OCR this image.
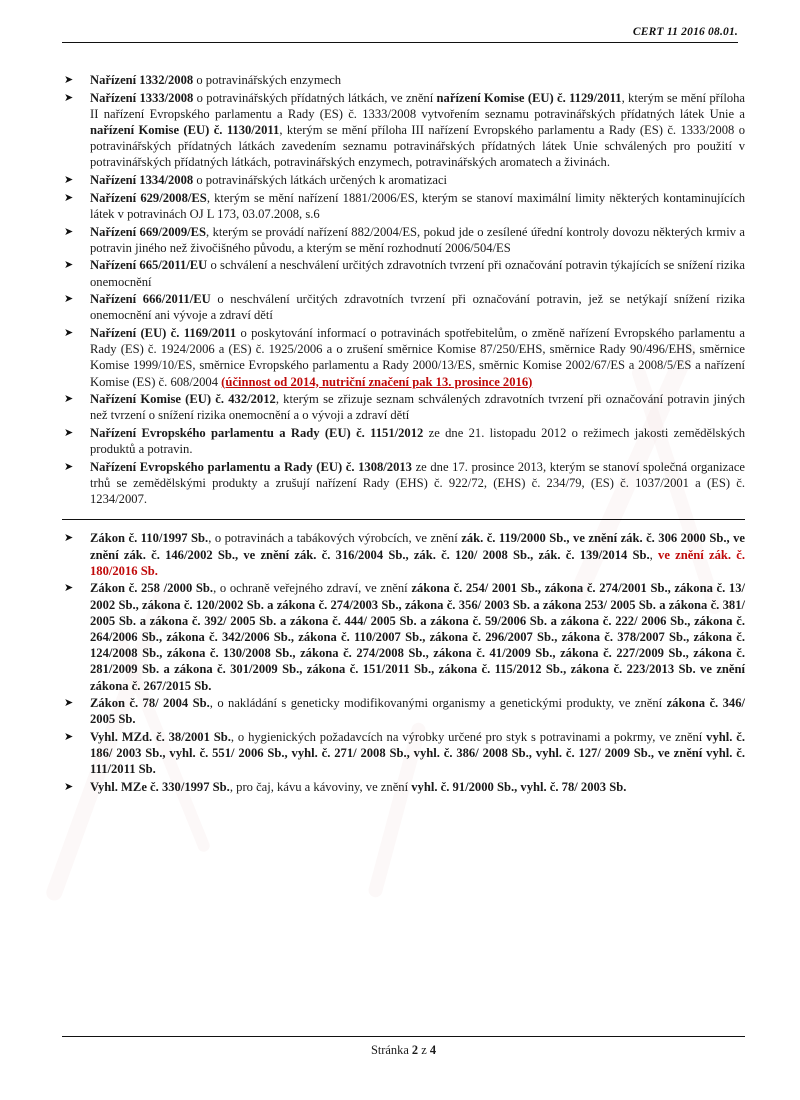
CERT 11 2016 08.01.
➤ Nařízení 1332/2008 o potravinářských enzymech
➤ Nařízení 1333/2008 o potravinářských přídatných látkách, ve znění nařízení Komise (EU) č. 1129/2011, kterým se mění příloha II nařízení Evropského parlamentu a Rady (ES) č. 1333/2008 vytvořením seznamu potravinářských přídatných látek Unie a nařízení Komise (EU) č. 1130/2011, kterým se mění příloha III nařízení Evropského parlamentu a Rady (ES) č. 1333/2008 o potravinářských přídatných látkách zavedením seznamu potravinářských přídatných látek Unie schválených pro použití v potravinářských přídatných látkách, potravinářských enzymech, potravinářských aromatech a živinách.
➤ Nařízení 1334/2008 o potravinářských látkách určených k aromatizaci
➤ Nařízení 629/2008/ES, kterým se mění nařízení 1881/2006/ES, kterým se stanoví maximální limity některých kontaminujících látek v potravinách OJ L 173, 03.07.2008, s.6
➤ Nařízení 669/2009/ES, kterým se provádí nařízení 882/2004/ES, pokud jde o zesílené úřední kontroly dovozu některých krmiv a potravin jiného než živočišného původu, a kterým se mění rozhodnutí 2006/504/ES
➤ Nařízení 665/2011/EU o schválení a neschválení určitých zdravotních tvrzení při označování potravin týkajících se snížení rizika onemocnění
➤ Nařízení 666/2011/EU o neschválení určitých zdravotních tvrzení při označování potravin, jež se netýkají snížení rizika onemocnění ani vývoje a zdraví dětí
➤ Nařízení (EU) č. 1169/2011 o poskytování informací o potravinách spotřebitelům, o změně nařízení Evropského parlamentu a Rady (ES) č. 1924/2006 a (ES) č. 1925/2006 a o zrušení směrnice Komise 87/250/EHS, směrnice Rady 90/496/EHS, směrnice Komise 1999/10/ES, směrnice Evropského parlamentu a Rady 2000/13/ES, směrnic Komise 2002/67/ES a 2008/5/ES a nařízení Komise (ES) č. 608/2004 (účinnost od 2014, nutriční značení pak 13. prosince 2016)
➤ Nařízení Komise (EU) č. 432/2012, kterým se zřizuje seznam schválených zdravotních tvrzení při označování potravin jiných než tvrzení o snížení rizika onemocnění a o vývoji a zdraví dětí
➤ Nařízení Evropského parlamentu a Rady (EU) č. 1151/2012 ze dne 21. listopadu 2012 o režimech jakosti zemědělských produktů a potravin.
➤ Nařízení Evropského parlamentu a Rady (EU) č. 1308/2013 ze dne 17. prosince 2013, kterým se stanoví společná organizace trhů se zemědělskými produkty a zrušují nařízení Rady (EHS) č. 922/72, (EHS) č. 234/79, (ES) č. 1037/2001 a (ES) č. 1234/2007.
➤ Zákon č. 110/1997 Sb., o potravinách a tabákových výrobcích, ve znění zák. č. 119/2000 Sb., ve znění zák. č. 306 2000 Sb., ve znění zák. č. 146/2002 Sb., ve znění zák. č. 316/2004 Sb., zák. č. 120/ 2008 Sb., zák. č. 139/2014 Sb., ve znění zák. č. 180/2016 Sb.
➤ Zákon č. 258 /2000 Sb., o ochraně veřejného zdraví, ve znění zákona č. 254/ 2001 Sb., zákona č. 274/2001 Sb., zákona č. 13/ 2002 Sb., zákona č. 120/2002 Sb. a zákona č. 274/2003 Sb., zákona č. 356/ 2003 Sb. a zákona 253/ 2005 Sb. a zákona č. 381/ 2005 Sb. a zákona č. 392/ 2005 Sb. a zákona č. 444/ 2005 Sb. a zákona č. 59/2006 Sb. a zákona č. 222/ 2006 Sb., zákona č. 264/2006 Sb., zákona č. 342/2006 Sb., zákona č. 110/2007 Sb., zákona č. 296/2007 Sb., zákona č. 378/2007 Sb., zákona č. 124/2008 Sb., zákona č. 130/2008 Sb., zákona č. 274/2008 Sb., zákona č. 41/2009 Sb., zákona č. 227/2009 Sb., zákona č. 281/2009 Sb. a zákona č. 301/2009 Sb., zákona č. 151/2011 Sb., zákona č. 115/2012 Sb., zákona č. 223/2013 Sb. ve znění zákona č. 267/2015 Sb.
➤ Zákon č. 78/ 2004 Sb., o nakládání s geneticky modifikovanými organismy a genetickými produkty, ve znění zákona č. 346/ 2005 Sb.
➤ Vyhl. MZd. č. 38/2001 Sb., o hygienických požadavcích na výrobky určené pro styk s potravinami a pokrmy, ve znění vyhl. č. 186/ 2003 Sb., vyhl. č. 551/ 2006 Sb., vyhl. č. 271/ 2008 Sb., vyhl. č. 386/ 2008 Sb., vyhl. č. 127/ 2009 Sb., ve znění vyhl. č. 111/2011 Sb.
➤ Vyhl. MZe č. 330/1997 Sb., pro čaj, kávu a kávoviny, ve znění vyhl. č. 91/2000 Sb., vyhl. č. 78/ 2003 Sb.
Stránka 2 z 4
